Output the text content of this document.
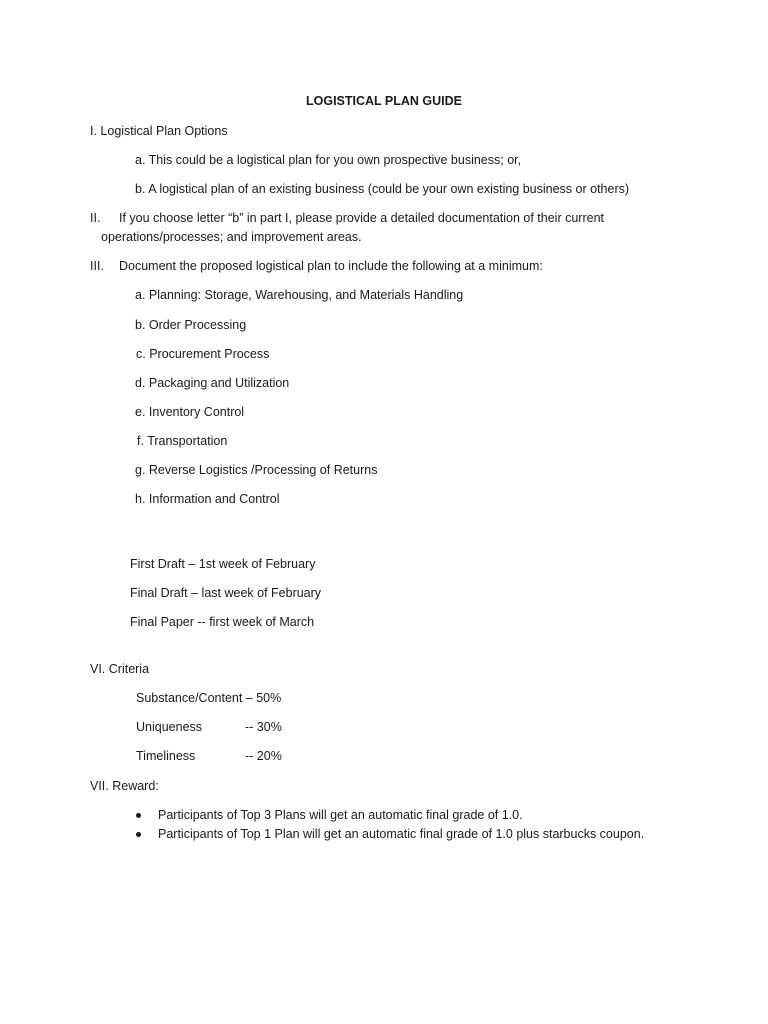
LOGISTICAL PLAN GUIDE
I. Logistical Plan Options
a. This could be a logistical plan for you own prospective business; or,
b. A logistical plan of an existing business (could be your own existing business or others)
II. If you choose letter “b” in part I, please provide a detailed documentation of their current
operations/processes; and improvement areas.
III. Document the proposed logistical plan to include the following at a minimum:
a. Planning: Storage, Warehousing, and Materials Handling
b. Order Processing
c. Procurement Process
d. Packaging and Utilization
e. Inventory Control
f. Transportation
g. Reverse Logistics /Processing of Returns
h. Information and Control
First Draft – 1st week of February
Final Draft – last week of February
Final Paper -- first week of March
VI. Criteria
Substance/Content – 50%
Uniqueness	-- 30%
Timeliness	-- 20%
VII. Reward:
Participants of Top 3 Plans will get an automatic final grade of 1.0.
Participants of Top 1 Plan will get an automatic final grade of 1.0 plus starbucks coupon.
